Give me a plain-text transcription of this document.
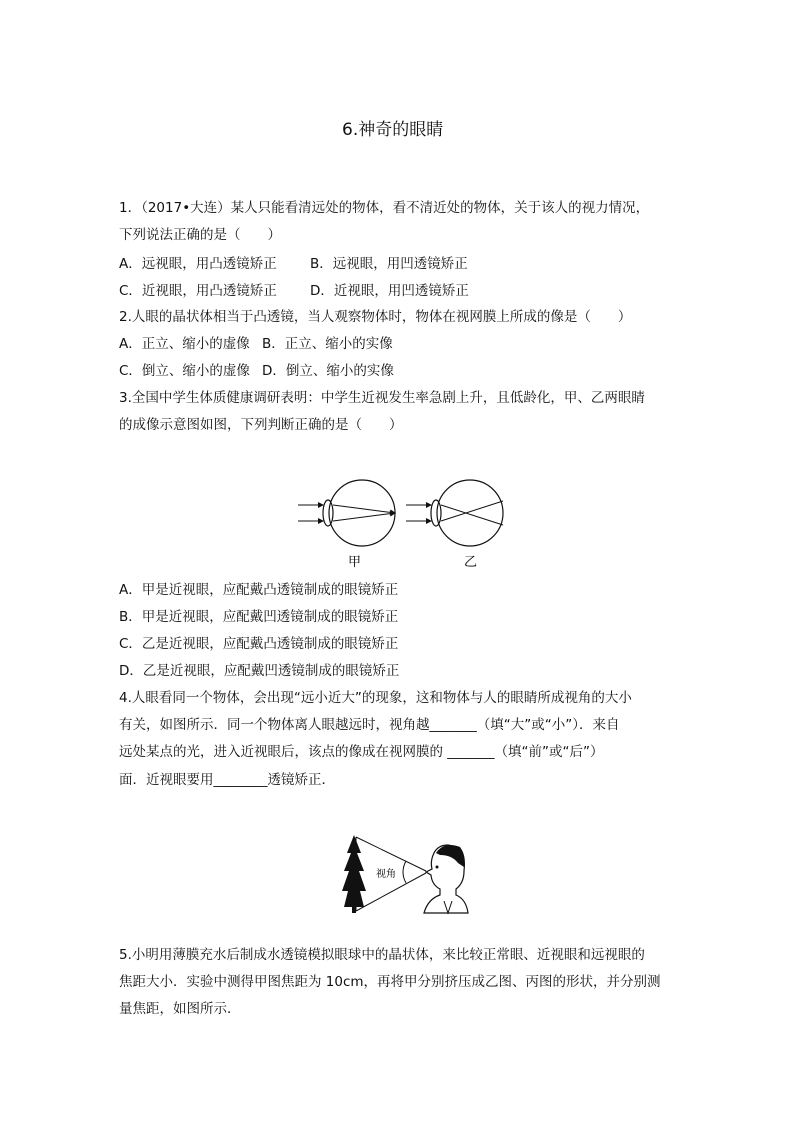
6.神奇的眼睛
1．（2017•大连）某人只能看清远处的物体，看不清近处的物体，关于该人的视力情况，
下列说法正确的是（　　）
A．远视眼，用凸透镜矫正 B．远视眼，用凹透镜矫正
C．近视眼，用凸透镜矫正 D．近视眼，用凹透镜矫正
2.人眼的晶状体相当于凸透镜，当人观察物体时，物体在视网膜上所成的像是（　　）
A．正立、缩小的虚像 B．正立、缩小的实像
C．倒立、缩小的虚像 D．倒立、缩小的实像
3.全国中学生体质健康调研表明：中学生近视发生率急剧上升，且低龄化，甲、乙两眼睛
的成像示意图如图，下列判断正确的是（　　）
甲	乙
A．甲是近视眼，应配戴凸透镜制成的眼镜矫正
B．甲是近视眼，应配戴凹透镜制成的眼镜矫正
C．乙是近视眼，应配戴凸透镜制成的眼镜矫正
D．乙是近视眼，应配戴凹透镜制成的眼镜矫正
4.人眼看同一个物体，会出现“远小近大”的现象，这和物体与人的眼睛所成视角的大小
有关，如图所示．同一个物体离人眼越远时，视角越_______（填“大”或“小”）．来自
远处某点的光，进入近视眼后，该点的像成在视网膜的 _______（填“前”或“后”）
面．近视眼要用________透镜矫正．
视角
5.小明用薄膜充水后制成水透镜模拟眼球中的晶状体，来比较正常眼、近视眼和远视眼的
焦距大小．实验中测得甲图焦距为 10cm，再将甲分别挤压成乙图、丙图的形状，并分别测
量焦距，如图所示．
